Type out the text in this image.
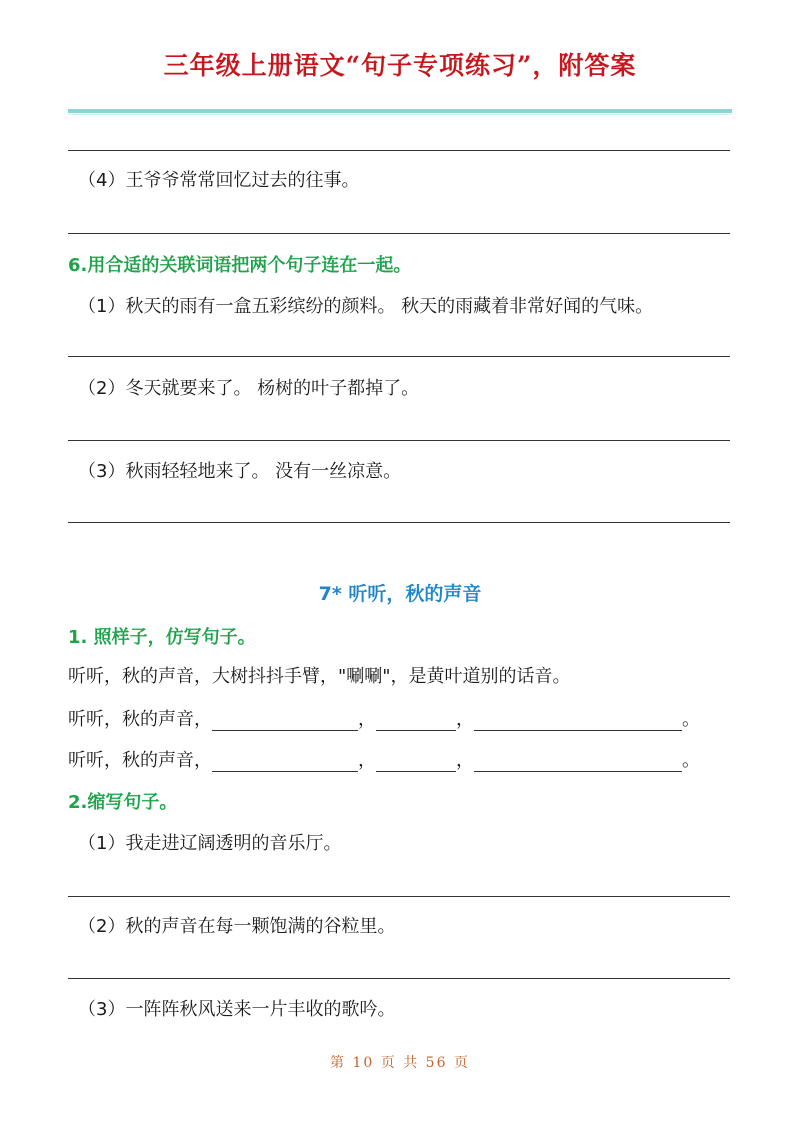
三年级上册语文“句子专项练习”，附答案
（4）王爷爷常常回忆过去的往事。
6.用合适的关联词语把两个句子连在一起。
（1）秋天的雨有一盒五彩缤纷的颜料。 秋天的雨藏着非常好闻的气味。
（2）冬天就要来了。 杨树的叶子都掉了。
（3）秋雨轻轻地来了。 没有一丝凉意。
7* 听听，秋的声音
1. 照样子，仿写句子。
听听，秋的声音，大树抖抖手臂，"唰唰"，是黄叶道别的话音。
听听，秋的声音，	，	，	。
听听，秋的声音，	，	，	。
2.缩写句子。
（1）我走进辽阔透明的音乐厅。
（2）秋的声音在每一颗饱满的谷粒里。
（3）一阵阵秋风送来一片丰收的歌吟。
第 10 页 共 56 页
